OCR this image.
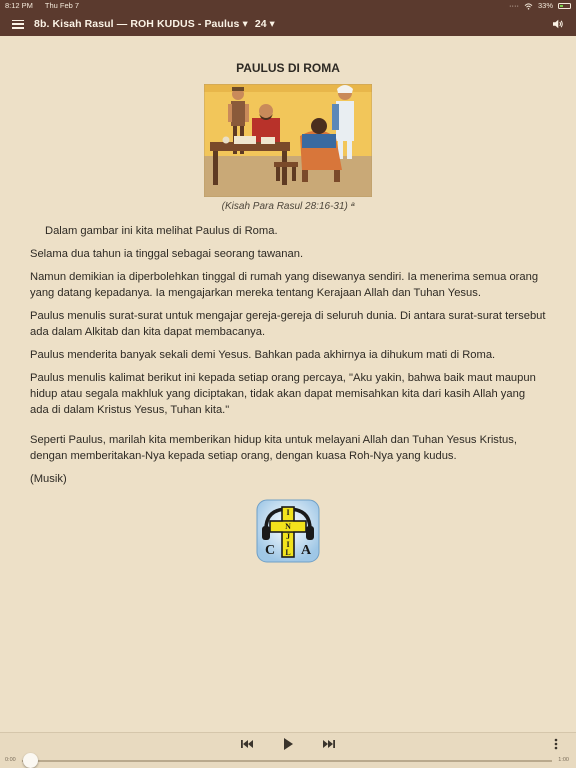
8:12 PM Thu Feb 7	····	33%
8b. Kisah Rasul — ROH KUDUS - Paulus ▾ 24 ▾
PAULUS DI ROMA
(Kisah Para Rasul 28:16-31) ª

Dalam gambar ini kita melihat Paulus di Roma.

Selama dua tahun ia tinggal sebagai seorang tawanan.

Namun demikian ia diperbolehkan tinggal di rumah yang disewanya sendiri. Ia menerima semua orang yang datang kepadanya. Ia mengajarkan mereka tentang Kerajaan Allah dan Tuhan Yesus.

Paulus menulis surat-surat untuk mengajar gereja-gereja di seluruh dunia. Di antara surat-surat tersebut ada dalam Alkitab dan kita dapat membacanya.

Paulus menderita banyak sekali demi Yesus. Bahkan pada akhirnya ia dihukum mati di Roma.

Paulus menulis kalimat berikut ini kepada setiap orang percaya, "Aku yakin, bahwa baik maut maupun hidup atau segala makhluk yang diciptakan, tidak akan dapat memisahkan kita dari kasih Allah yang ada di dalam Kristus Yesus, Tuhan kita."

Seperti Paulus, marilah kita memberikan hidup kita untuk melayani Allah dan Tuhan Yesus Kristus, dengan memberitakan-Nya kepada setiap orang, dengan kuasa Roh-Nya yang kudus.

(Musik)

I
N
J
I
L
C A
0:00	1:00
